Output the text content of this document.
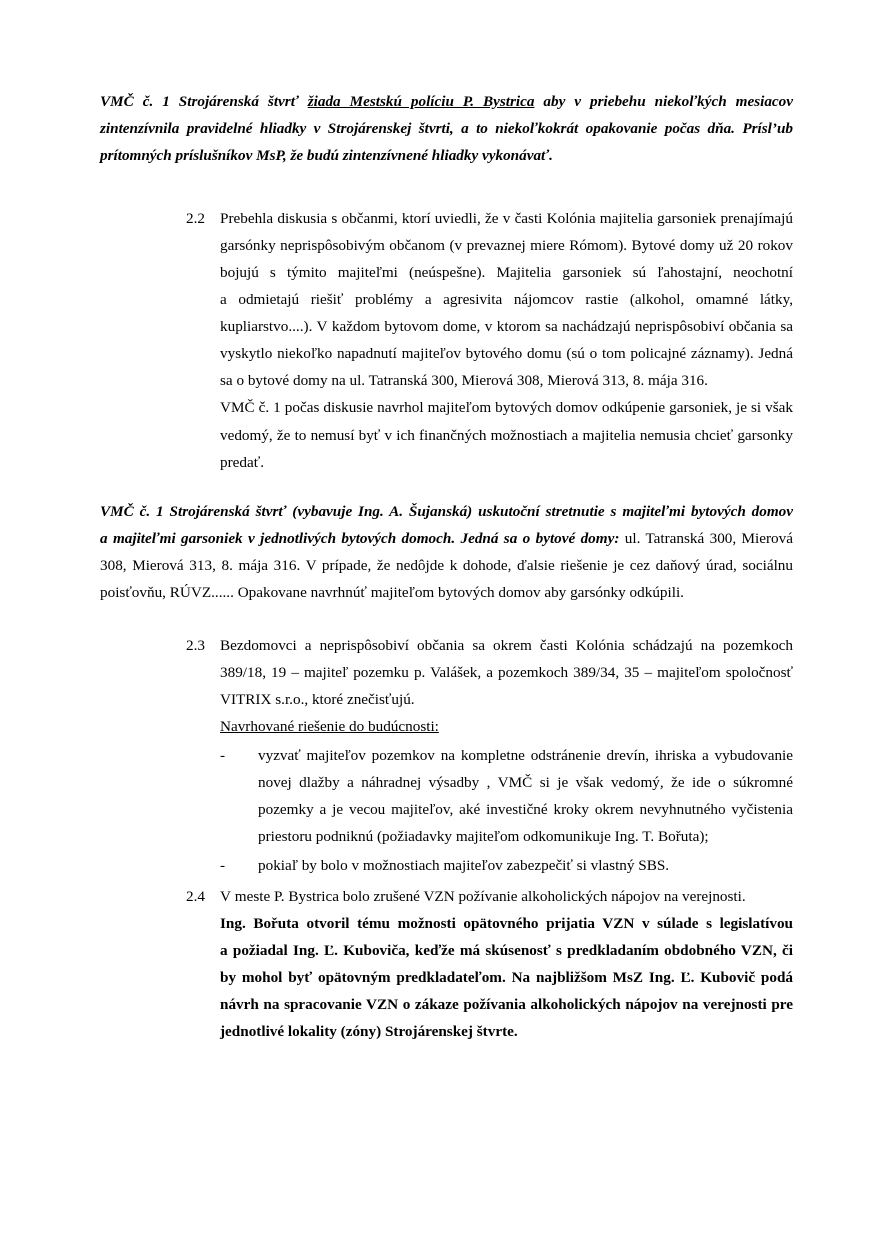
VMČ č. 1 Strojárenská štvrť žiada Mestskú políciu P. Bystrica aby v priebehu niekoľkých mesiacov zintenzívnila pravidelné hliadky v Strojárenskej štvrti, a to niekoľkokrát opakovanie počas dňa. Prísl’ub prítomných príslušníkov MsP, že budú zintenzívnené hliadky vykonávať.

2.2 Prebehla diskusia s občanmi, ktorí uviedli, že v časti Kolónia majitelia garsoniek prenajímajú garsónky neprispôsobivým občanom (v prevaznej miere Rómom). Bytové domy už 20 rokov bojujú s týmito majiteľmi (neúspešne). Majitelia garsoniek sú ľahostajní, neochotní a odmietajú riešiť problémy a agresivita nájomcov rastie (alkohol, omamné látky, kupliarstvo....). V každom bytovom dome, v ktorom sa nachádzajú neprispôsobiví občania sa vyskytlo niekoľko napadnutí majiteľov bytového domu (sú o tom policajné záznamy). Jedná sa o bytové domy na ul. Tatranská 300, Mierová 308, Mierová 313, 8. mája 316.

VMČ č. 1 počas diskusie navrhol majiteľom bytových domov odkúpenie garsoniek, je si však vedomý, že to nemusí byť v ich finančných možnostiach a majitelia nemusia chcieť garsonky predať.

VMČ č. 1 Strojárenská štvrť (vybavuje Ing. A. Šujanská) uskutoční stretnutie s majiteľmi bytových domov a majiteľmi garsoniek v jednotlivých bytových domoch. Jedná sa o bytové domy: ul. Tatranská 300, Mierová 308, Mierová 313, 8. mája 316. V prípade, že nedôjde k dohode, ďalsie riešenie je cez daňový úrad, sociálnu poisťovňu, RÚVZ...... Opakovane navrhnúť majiteľom bytových domov aby garsónky odkúpili.

2.3 Bezdomovci a neprispôsobiví občania sa okrem časti Kolónia schádzajú na pozemkoch 389/18, 19 – majiteľ pozemku p. Valášek, a pozemkoch 389/34, 35 – majiteľom spoločnosť VITRIX s.r.o., ktoré znečisťujú.

Navrhované riešenie do budúcnosti:

-	vyzvať majiteľov pozemkov na kompletne odstránenie drevín, ihriska a vybudovanie novej dlažby a náhradnej výsadby , VMČ si je však vedomý, že ide o súkromné pozemky a je vecou majiteľov, aké investičné kroky okrem nevyhnutného vyčistenia priestoru podniknú (požiadavky majiteľom odkomunikuje Ing. T. Bořuta);
-	pokiaľ by bolo v možnostiach majiteľov zabezpečiť si vlastný SBS.
2.4 V meste P. Bystrica bolo zrušené VZN požívanie alkoholických nápojov na verejnosti.

Ing. Bořuta otvoril tému možnosti opätovného prijatia VZN v súlade s legislatívou a požiadal Ing. Ľ. Kuboviča, keďže má skúsenosť s predkladaním obdobného VZN, či by mohol byť opätovným predkladateľom. Na najbližšom MsZ Ing. Ľ. Kubovič podá návrh na spracovanie VZN o zákaze požívania alkoholických nápojov na verejnosti pre jednotlivé lokality (zóny) Strojárenskej štvrte.
